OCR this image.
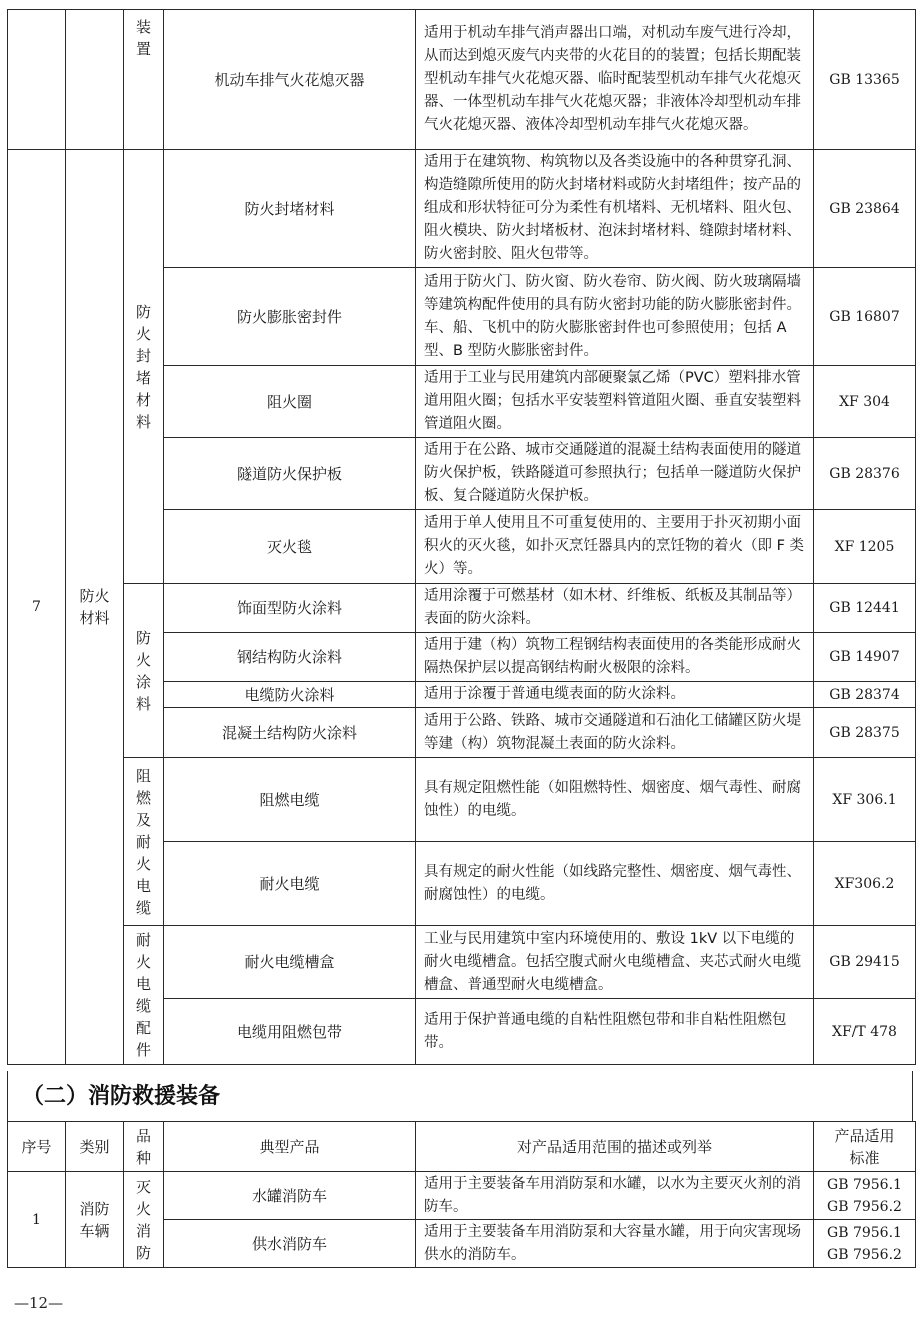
		装置	机动车排气火花熄灭器	适用于机动车排气消声器出口端，对机动车废气进行冷却，从而达到熄灭废气内夹带的火花目的的装置；包括长期配装型机动车排气火花熄灭器、临时配装型机动车排气火花熄灭器、一体型机动车排气火花熄灭器；非液体冷却型机动车排气火花熄灭器、液体冷却型机动车排气火花熄灭器。	GB 13365
7	防火材料	防火封堵材料	防火封堵材料	适用于在建筑物、构筑物以及各类设施中的各种贯穿孔洞、构造缝隙所使用的防火封堵材料或防火封堵组件；按产品的组成和形状特征可分为柔性有机堵料、无机堵料、阻火包、阻火模块、防火封堵板材、泡沫封堵材料、缝隙封堵材料、防火密封胶、阻火包带等。	GB 23864
			防火膨胀密封件	适用于防火门、防火窗、防火卷帘、防火阀、防火玻璃隔墙等建筑构配件使用的具有防火密封功能的防火膨胀密封件。车、船、飞机中的防火膨胀密封件也可参照使用；包括 A 型、B 型防火膨胀密封件。	GB 16807
			阻火圈	适用于工业与民用建筑内部硬聚氯乙烯（PVC）塑料排水管道用阻火圈；包括水平安装塑料管道阻火圈、垂直安装塑料管道阻火圈。	XF 304
			隧道防火保护板	适用于在公路、城市交通隧道的混凝土结构表面使用的隧道防火保护板，铁路隧道可参照执行；包括单一隧道防火保护板、复合隧道防火保护板。	GB 28376
			灭火毯	适用于单人使用且不可重复使用的、主要用于扑灭初期小面积火的灭火毯，如扑灭烹饪器具内的烹饪物的着火（即 F 类火）等。	XF 1205

		防火涂料	饰面型防火涂料	适用涂覆于可燃基材（如木材、纤维板、纸板及其制品等）表面的防火涂料。	GB 12441
			钢结构防火涂料	适用于建（构）筑物工程钢结构表面使用的各类能形成耐火隔热保护层以提高钢结构耐火极限的涂料。	GB 14907
			电缆防火涂料	适用于涂覆于普通电缆表面的防火涂料。	GB 28374
			混凝土结构防火涂料	适用于公路、铁路、城市交通隧道和石油化工储罐区防火堤等建（构）筑物混凝土表面的防火涂料。	GB 28375

		阻燃及耐火电缆	阻燃电缆	具有规定阻燃性能（如阻燃特性、烟密度、烟气毒性、耐腐蚀性）的电缆。	XF 306.1
			耐火电缆	具有规定的耐火性能（如线路完整性、烟密度、烟气毒性、耐腐蚀性）的电缆。	XF306.2

		耐火电缆配件	耐火电缆槽盒	工业与民用建筑中室内环境使用的、敷设 1kV 以下电缆的耐火电缆槽盒。包括空腹式耐火电缆槽盒、夹芯式耐火电缆槽盒、普通型耐火电缆槽盒。	GB 29415
			电缆用阻燃包带	适用于保护普通电缆的自粘性阻燃包带和非自粘性阻燃包带。	XF/T 478
（二）消防救援装备
序号	类别	品种	典型产品	对产品适用范围的描述或列举	产品适用标准
1	消防车辆	灭火消防	水罐消防车	适用于主要装备车用消防泵和水罐，以水为主要灭火剂的消防车。	GB 7956.1
GB 7956.2

			供水消防车	适用于主要装备车用消防泵和大容量水罐，用于向灾害现场供水的消防车。	GB 7956.1
GB 7956.2
—12—
